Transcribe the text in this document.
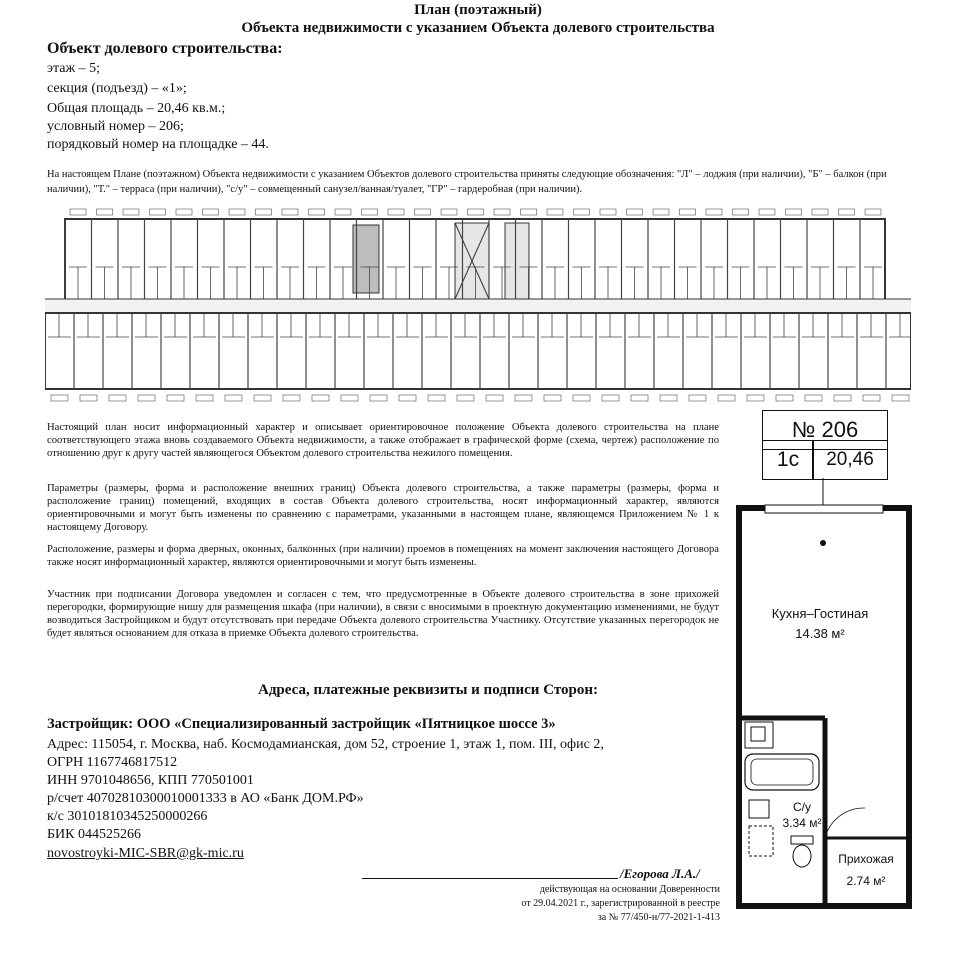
План (поэтажный)
Объекта недвижимости с указанием Объекта долевого строительства
Объект долевого строительства:
этаж – 5;
секция (подъезд) – «1»;
Общая площадь – 20,46 кв.м.;
условный номер – 206;
порядковый номер на площадке – 44.
На настоящем Плане (поэтажном) Объекта недвижимости с указанием Объектов долевого строительства приняты следующие обозначения: "Л" – лоджия (при наличии), "Б" – балкон (при наличии), "Т." – терраса (при наличии), "с/у" – совмещенный санузел/ванная/туалет, "ГР" – гардеробная (при наличии).
Настоящий план носит информационный характер и описывает ориентировочное положение Объекта долевого строительства на плане соответствующего этажа вновь создаваемого Объекта недвижимости, а также отображает в графической форме (схема, чертеж) расположение по отношению друг к другу частей являющегося Объектом долевого строительства нежилого помещения.
Параметры (размеры, форма и расположение внешних границ) Объекта долевого строительства, а также параметры (размеры, форма и расположение границ) помещений, входящих в состав Объекта долевого строительства, носят информационный характер, являются ориентировочными и могут быть изменены по сравнению с параметрами, указанными в настоящем плане, являющемся Приложением № 1 к настоящему Договору.
Расположение, размеры и форма дверных, оконных, балконных (при наличии) проемов в помещениях на момент заключения настоящего Договора также носят информационный характер, являются ориентировочными и могут быть изменены.
Участник при подписании Договора уведомлен и согласен с тем, что предусмотренные в Объекте долевого строительства в зоне прихожей перегородки, формирующие нишу для размещения шкафа (при наличии), в связи с вносимыми в проектную документацию изменениями, не будут возводиться Застройщиком и будут отсутствовать при передаче Объекта долевого строительства Участнику. Отсутствие указанных перегородок не будет являться основанием для отказа в приемке Объекта долевого строительства.
№ 206
1с	20,46
Кухня–Гостиная
14.38 м²
С/у
3.34 м²
Прихожая
2.74 м²
Адреса, платежные реквизиты и подписи Сторон:
Застройщик: ООО «Специализированный застройщик «Пятницкое шоссе 3»
Адрес: 115054, г. Москва, наб. Космодамианская, дом 52, строение 1, этаж 1, пом. III, офис 2,
ОГРН 1167746817512
ИНН 9701048656, КПП 770501001
р/счет 40702810300010001333 в АО «Банк ДОМ.РФ»
к/с 30101810345250000266
БИК 044525266
novostroyki-MIC-SBR@gk-mic.ru
/Егорова Л.А./
действующая на основании Доверенности
от 29.04.2021 г., зарегистрированной в реестре
за № 77/450-н/77-2021-1-413
